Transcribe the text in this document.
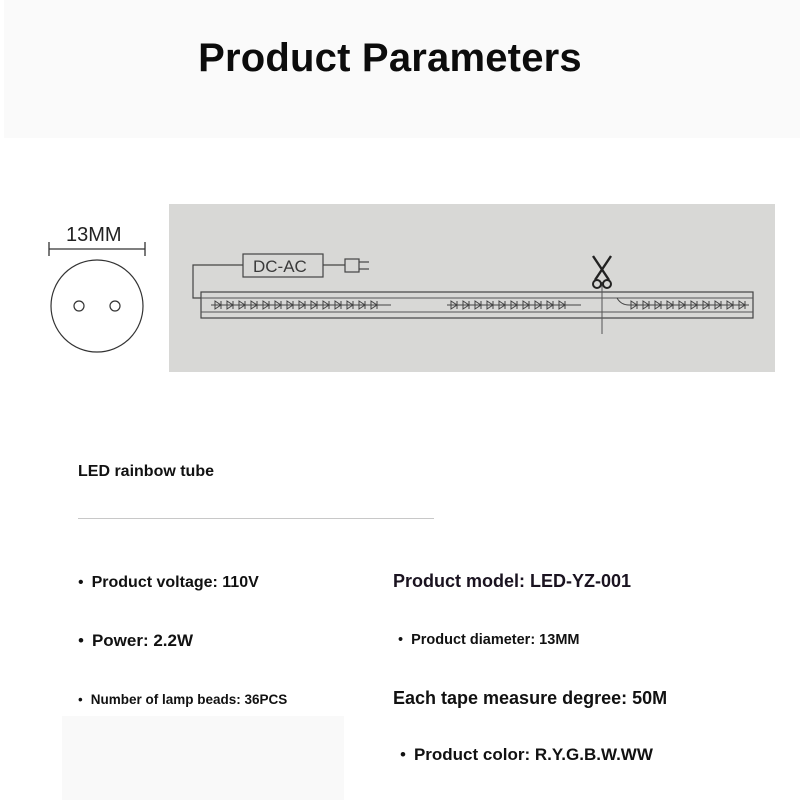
Product Parameters
13MM
DC-AC
LED rainbow tube
• Product voltage: 110V
• Power: 2.2W
• Number of lamp beads: 36PCS
Product model: LED-YZ-001
• Product diameter: 13MM
Each tape measure degree: 50M
• Product color: R.Y.G.B.W.WW
